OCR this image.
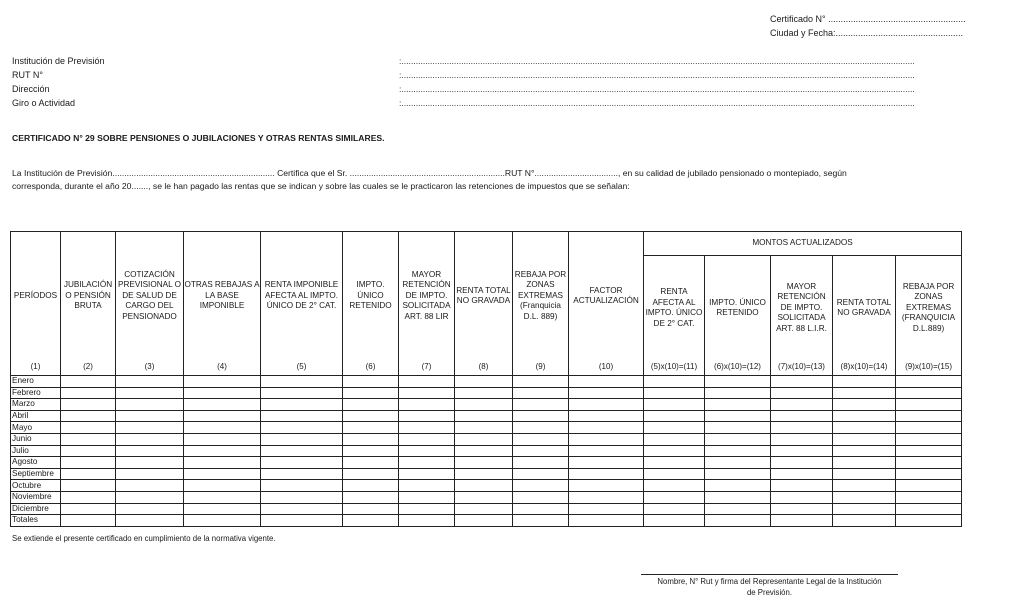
Certificado N° .......................................................
Ciudad y Fecha:...................................................
Institución de Previsión	:.......................................................................................................................................................................................................................
RUT N°	:.......................................................................................................................................................................................................................
Dirección	:.......................................................................................................................................................................................................................
Giro o Actividad	:.......................................................................................................................................................................................................................
CERTIFICADO N° 29 SOBRE PENSIONES O JUBILACIONES Y OTRAS RENTAS SIMILARES.
La Institución de Previsión.................................................................... Certifica que el Sr. .................................................................RUT N°..................................., en su calidad de jubilado pensionado o montepiado, según
corresponda, durante el año 20......., se le han pagado las rentas que se indican y sobre las cuales se le practicaron las retenciones de impuestos que se señalan:
PERÍODOS	JUBILACIÓN O PENSIÓN BRUTA	COTIZACIÓN PREVISIONAL O DE SALUD DE CARGO DEL PENSIONADO	OTRAS REBAJAS A LA BASE IMPONIBLE	RENTA IMPONIBLE AFECTA AL IMPTO. ÚNICO DE 2° CAT.	IMPTO. ÚNICO RETENIDO	MAYOR RETENCIÓN DE IMPTO. SOLICITADA ART. 88 LIR	RENTA TOTAL NO GRAVADA	REBAJA POR ZONAS EXTREMAS (Franquicia D.L. 889)	FACTOR ACTUALIZACIÓN	MONTOS ACTUALIZADOS				
										RENTA AFECTA AL IMPTO. ÚNICO DE 2° CAT.	IMPTO. ÚNICO RETENIDO	MAYOR RETENCIÓN DE IMPTO. SOLICITADA ART. 88 L.I.R.	RENTA TOTAL NO GRAVADA	REBAJA POR ZONAS EXTREMAS (FRANQUICIA D.L.889)
(1)	(2)	(3)	(4)	(5)	(6)	(7)	(8)	(9)	(10)	(5)x(10)=(11)	(6)x(10)=(12)	(7)x(10)=(13)	(8)x(10)=(14)	(9)x(10)=(15)
Enero														
Febrero														
Marzo														
Abril														
Mayo														
Junio														
Julio														
Agosto														
Septiembre														
Octubre														
Noviembre														
Diciembre														
Totales														
Se extiende el presente certificado en cumplimiento de la normativa vigente.
Nombre, N° Rut y firma del Representante Legal de la Institución
de Previsión.
